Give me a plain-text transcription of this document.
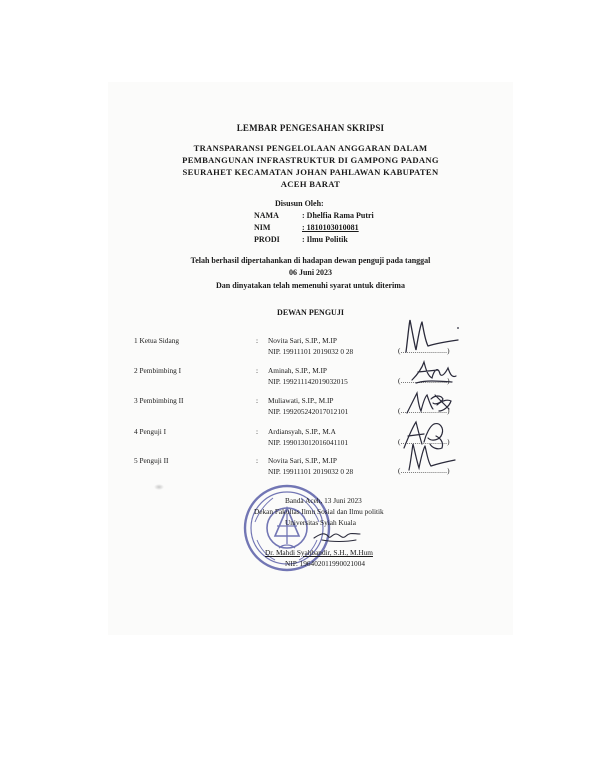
LEMBAR PENGESAHAN SKRIPSI
TRANSPARANSI PENGELOLAAN ANGGARAN DALAM
PEMBANGUNAN INFRASTRUKTUR DI GAMPONG PADANG
SEURAHET KECAMATAN JOHAN PAHLAWAN KABUPATEN
ACEH BARAT
Disusun Oleh:
NAMA	: Dhelfia Rama Putri
NIM	: 1810103010081
PRODI	: Ilmu Politik
Telah berhasil dipertahankan di hadapan dewan penguji pada tanggal
06 Juni 2023
Dan dinyatakan telah memenuhi syarat untuk diterima
DEWAN PENGUJI
1 Ketua Sidang	: Novita Sari, S.IP., M.IP
NIP. 19911101 2019032 0 28	(.......................)
2 Pembimbing I	: Aminah, S.IP., M.IP
NIP. 199211142019032015	(.......................)
3 Pembimbing II	: Muliawati, S.IP., M.IP
NIP. 199205242017012101	(.......................)
4 Penguji I	: Ardiansyah, S.IP., M.A
NIP. 199013012016041101	(.......................)
5 Penguji II	: Novita Sari, S.IP., M.IP
NIP. 19911101 2019032 0 28	(.......................)
Banda Aceh, 13 Juni 2023
Dekan Fakultas Ilmu Sosial dan Ilmu politik
Universitas Syiah Kuala
Dr. Mahdi Syahbandir, S.H., M.Hum
NIP. 196402011990021004
